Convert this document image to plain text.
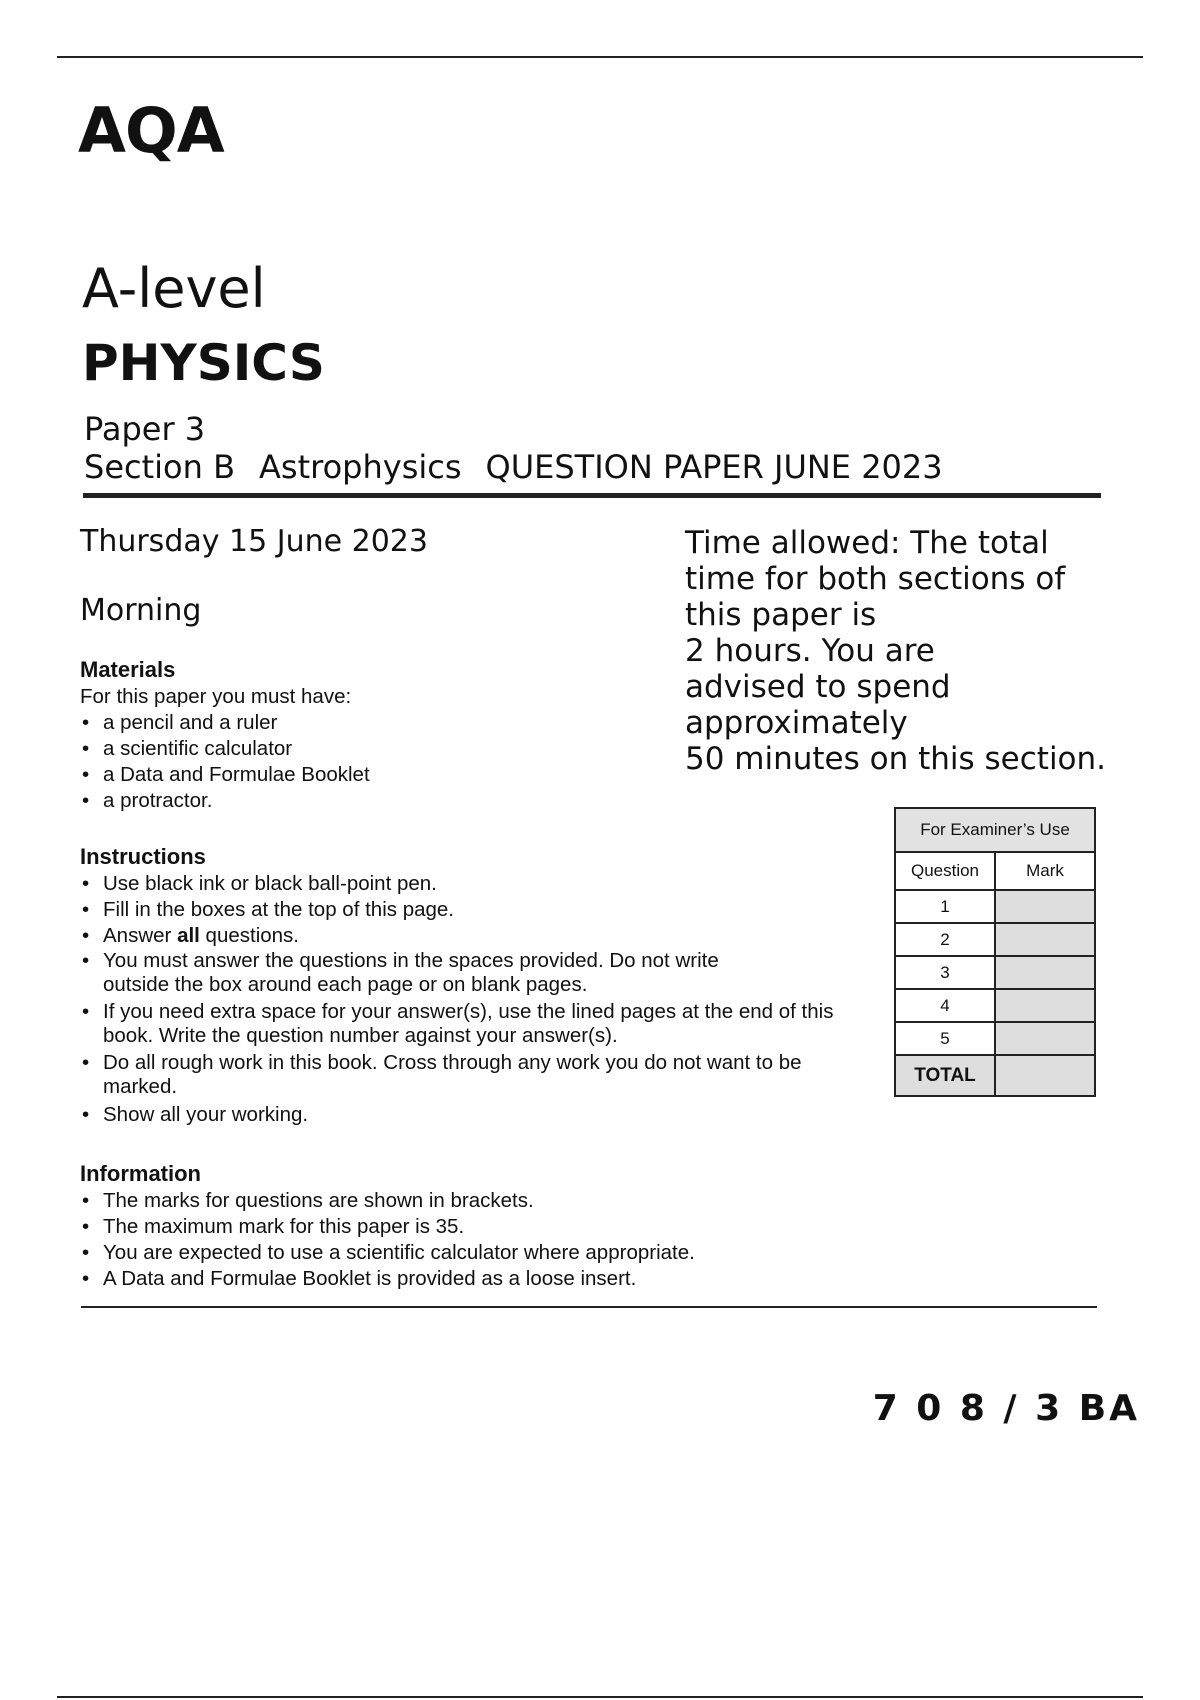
AQA
A-level
PHYSICS
Paper 3
Section B Astrophysics QUESTION PAPER JUNE 2023
Thursday 15 June 2023
Morning
Time allowed: The total
time for both sections of
this paper is
2 hours. You are
advised to spend
approximately
50 minutes on this section.
Materials

For this paper you must have:

• a pencil and a ruler
• a scientific calculator
• a Data and Formulae Booklet
• a protractor.
Instructions
• Use black ink or black ball-point pen.
• Fill in the boxes at the top of this page.
• Answer all questions.
• You must answer the questions in the spaces provided. Do not write outside the box around each page or on blank pages.
• If you need extra space for your answer(s), use the lined pages at the end of this book. Write the question number against your answer(s).
• Do all rough work in this book. Cross through any work you do not want to be marked.
• Show all your working.
Information
• The marks for questions are shown in brackets.
• The maximum mark for this paper is 35.
• You are expected to use a scientific calculator where appropriate.
• A Data and Formulae Booklet is provided as a loose insert.
For Examiner’s Use	
Question	Mark
1	
2	
3	
4	
5	
TOTAL	
7 0 8 / 3 BA
